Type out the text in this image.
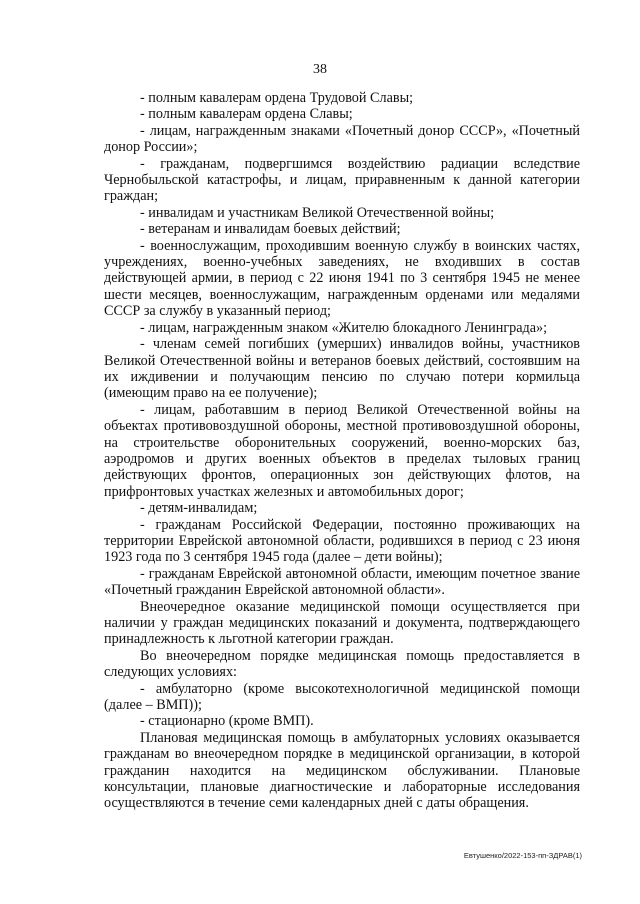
38

- полным кавалерам ордена Трудовой Славы;

- полным кавалерам ордена Славы;

- лицам, награжденным знаками «Почетный донор СССР», «Почетный донор России»;

- гражданам, подвергшимся воздействию радиации вследствие Чернобыльской катастрофы, и лицам, приравненным к данной категории граждан;

- инвалидам и участникам Великой Отечественной войны;

- ветеранам и инвалидам боевых действий;

- военнослужащим, проходившим военную службу в воинских частях, учреждениях, военно-учебных заведениях, не входивших в состав действующей армии, в период с 22 июня 1941 по 3 сентября 1945 не менее шести месяцев, военнослужащим, награжденным орденами или медалями СССР за службу в указанный период;

- лицам, награжденным знаком «Жителю блокадного Ленинграда»;

- членам семей погибших (умерших) инвалидов войны, участников Великой Отечественной войны и ветеранов боевых действий, состоявшим на их иждивении и получающим пенсию по случаю потери кормильца (имеющим право на ее получение);

- лицам, работавшим в период Великой Отечественной войны на объектах противовоздушной обороны, местной противовоздушной обороны, на строительстве оборонительных сооружений, военно-морских баз, аэродромов и других военных объектов в пределах тыловых границ действующих фронтов, операционных зон действующих флотов, на прифронтовых участках железных и автомобильных дорог;

- детям-инвалидам;

- гражданам Российской Федерации, постоянно проживающих на территории Еврейской автономной области, родившихся в период с 23 июня 1923 года по 3 сентября 1945 года (далее – дети войны);

- гражданам Еврейской автономной области, имеющим почетное звание «Почетный гражданин Еврейской автономной области».

Внеочередное оказание медицинской помощи осуществляется при наличии у граждан медицинских показаний и документа, подтверждающего принадлежность к льготной категории граждан.

Во внеочередном порядке медицинская помощь предоставляется в следующих условиях:

- амбулаторно (кроме высокотехнологичной медицинской помощи (далее – ВМП));

- стационарно (кроме ВМП).

Плановая медицинская помощь в амбулаторных условиях оказывается гражданам во внеочередном порядке в медицинской организации, в которой гражданин находится на медицинском обслуживании. Плановые консультации, плановые диагностические и лабораторные исследования осуществляются в течение семи календарных дней с даты обращения.

Евтушенко/2022-153-пп-ЗДРАВ(1)
